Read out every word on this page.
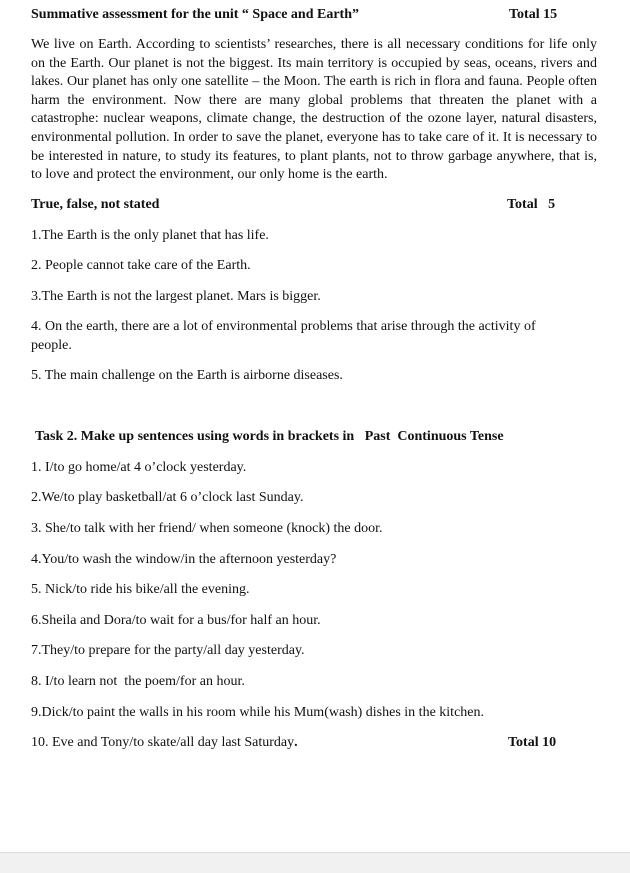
Summative assessment for the unit “ Space and Earth”	Total 15
We live on Earth. According to scientists’ researches, there is all necessary conditions for life only on the Earth. Our planet is not the biggest. Its main territory is occupied by seas, oceans, rivers and lakes. Our planet has only one satellite – the Moon. The earth is rich in flora and fauna. People often harm the environment. Now there are many global problems that threaten the planet with a catastrophe: nuclear weapons, climate change, the destruction of the ozone layer, natural disasters, environmental pollution. In order to save the planet, everyone has to take care of it. It is necessary to be interested in nature, to study its features, to plant plants, not to throw garbage anywhere, that is, to love and protect the environment, our only home is the earth.
True, false, not stated	Total   5
1.The Earth is the only planet that has life.
2. People cannot take care of the Earth.
3.The Earth is not the largest planet. Mars is bigger.
4. On the earth, there are a lot of environmental problems that arise through the activity of
people.
5. The main challenge on the Earth is airborne diseases.
Task 2. Make up sentences using words in brackets in   Past  Continuous Tense
1. I/to go home/at 4 o’clock yesterday.
2.We/to play basketball/at 6 o’clock last Sunday.
3. She/to talk with her friend/ when someone (knock) the door.
4.You/to wash the window/in the afternoon yesterday?
5. Nick/to ride his bike/all the evening.
6.Sheila and Dora/to wait for a bus/for half an hour.
7.They/to prepare for the party/all day yesterday.
8. I/to learn not  the poem/for an hour.
9.Dick/to paint the walls in his room while his Mum(wash) dishes in the kitchen.
10. Eve and Tony/to skate/all day last Saturday.	Total 10
